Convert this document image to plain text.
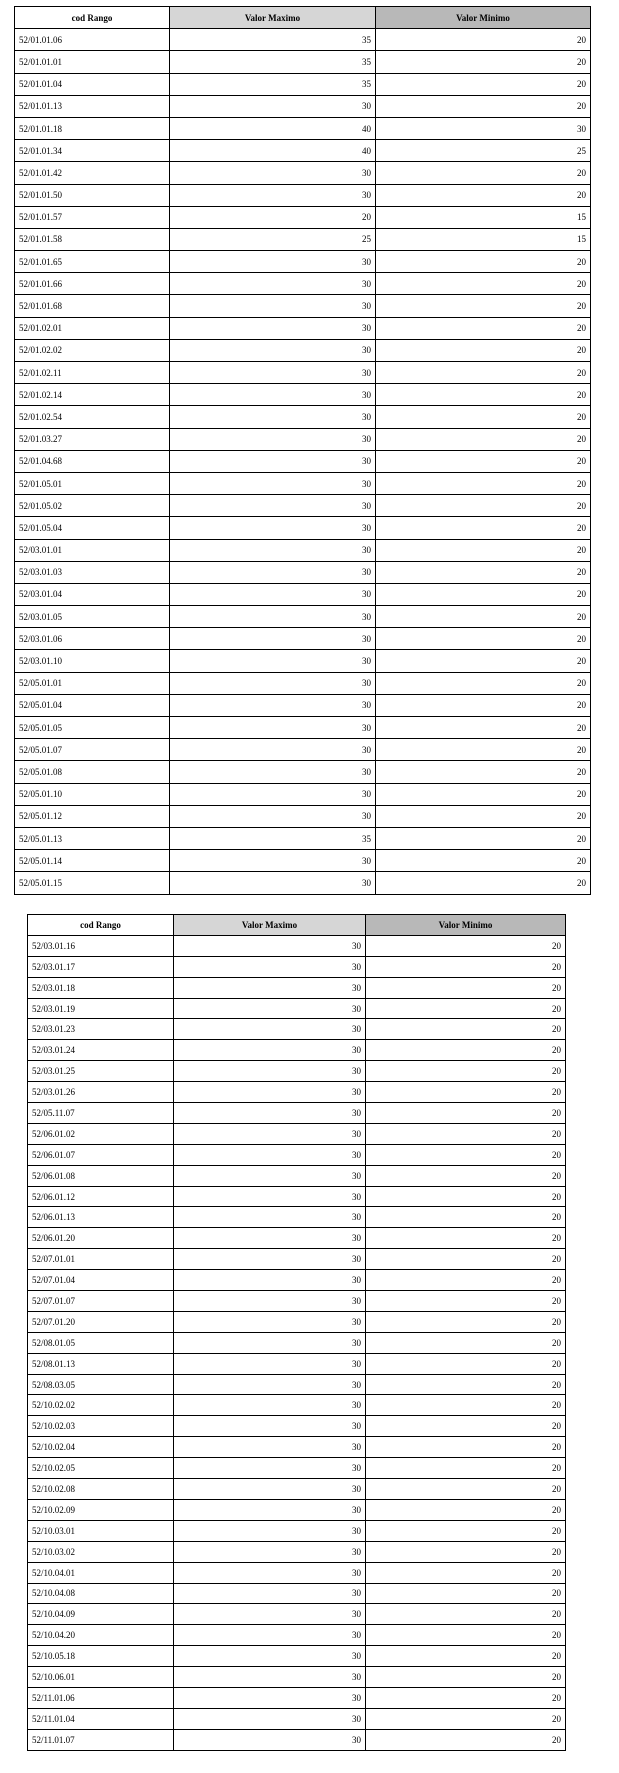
cod Rango	Valor Maximo	Valor Minimo
52/01.01.06	35	20
52/01.01.01	35	20
52/01.01.04	35	20
52/01.01.13	30	20
52/01.01.18	40	30
52/01.01.34	40	25
52/01.01.42	30	20
52/01.01.50	30	20
52/01.01.57	20	15
52/01.01.58	25	15
52/01.01.65	30	20
52/01.01.66	30	20
52/01.01.68	30	20
52/01.02.01	30	20
52/01.02.02	30	20
52/01.02.11	30	20
52/01.02.14	30	20
52/01.02.54	30	20
52/01.03.27	30	20
52/01.04.68	30	20
52/01.05.01	30	20
52/01.05.02	30	20
52/01.05.04	30	20
52/03.01.01	30	20
52/03.01.03	30	20
52/03.01.04	30	20
52/03.01.05	30	20
52/03.01.06	30	20
52/03.01.10	30	20
52/05.01.01	30	20
52/05.01.04	30	20
52/05.01.05	30	20
52/05.01.07	30	20
52/05.01.08	30	20
52/05.01.10	30	20
52/05.01.12	30	20
52/05.01.13	35	20
52/05.01.14	30	20
52/05.01.15	30	20
cod Rango	Valor Maximo	Valor Minimo
52/03.01.16	30	20
52/03.01.17	30	20
52/03.01.18	30	20
52/03.01.19	30	20
52/03.01.23	30	20
52/03.01.24	30	20
52/03.01.25	30	20
52/03.01.26	30	20
52/05.11.07	30	20
52/06.01.02	30	20
52/06.01.07	30	20
52/06.01.08	30	20
52/06.01.12	30	20
52/06.01.13	30	20
52/06.01.20	30	20
52/07.01.01	30	20
52/07.01.04	30	20
52/07.01.07	30	20
52/07.01.20	30	20
52/08.01.05	30	20
52/08.01.13	30	20
52/08.03.05	30	20
52/10.02.02	30	20
52/10.02.03	30	20
52/10.02.04	30	20
52/10.02.05	30	20
52/10.02.08	30	20
52/10.02.09	30	20
52/10.03.01	30	20
52/10.03.02	30	20
52/10.04.01	30	20
52/10.04.08	30	20
52/10.04.09	30	20
52/10.04.20	30	20
52/10.05.18	30	20
52/10.06.01	30	20
52/11.01.06	30	20
52/11.01.04	30	20
52/11.01.07	30	20
